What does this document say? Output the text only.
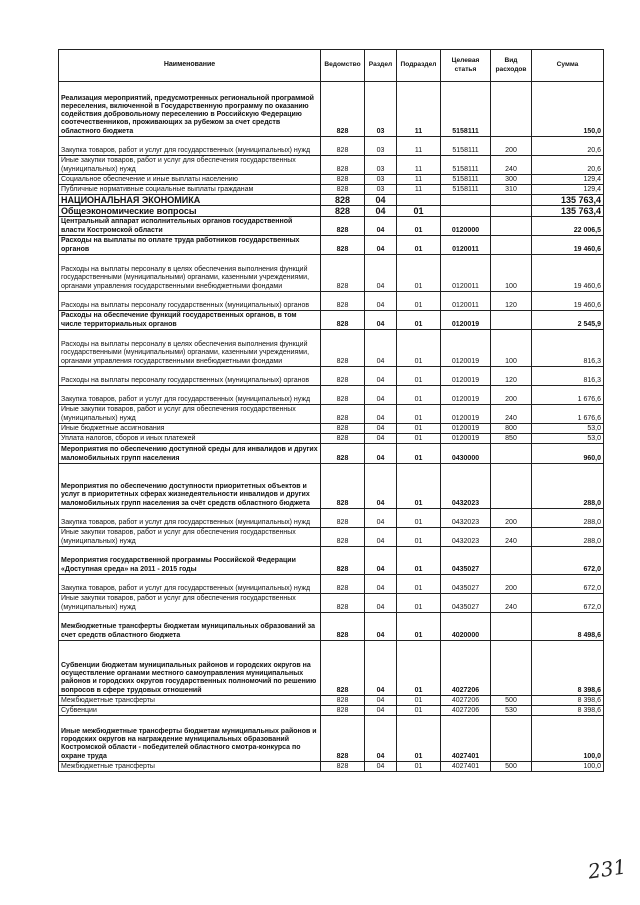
Наименование	Ведомство	Раздел	Подраздел	Целевая статья	Вид расходов	Сумма
Реализация мероприятий, предусмотренных региональной программой переселения, включенной в Государственную программу по оказанию содействия добровольному переселению в Российскую Федерацию соотечественников, проживающих за рубежом за счет средств областного бюджета	828	03	11	5158111		150,0
Закупка товаров, работ и услуг для государственных (муниципальных) нужд	828	03	11	5158111	200	20,6
Иные закупки товаров, работ и услуг для обеспечения государственных (муниципальных) нужд	828	03	11	5158111	240	20,6
Социальное обеспечение и иные выплаты населению	828	03	11	5158111	300	129,4
Публичные нормативные социальные выплаты гражданам	828	03	11	5158111	310	129,4
НАЦИОНАЛЬНАЯ ЭКОНОМИКА	828	04				135 763,4
Общеэкономические вопросы	828	04	01			135 763,4
Центральный аппарат исполнительных органов государственной власти Костромской области	828	04	01	0120000		22 006,5
Расходы на выплаты по оплате труда работников государственных органов	828	04	01	0120011		19 460,6
Расходы на выплаты персоналу в целях обеспечения выполнения функций государственными (муниципальными) органами, казенными учреждениями, органами управления государственными внебюджетными фондами	828	04	01	0120011	100	19 460,6
Расходы на выплаты персоналу государственных (муниципальных) органов	828	04	01	0120011	120	19 460,6
Расходы на обеспечение функций государственных органов, в том числе территориальных органов	828	04	01	0120019		2 545,9
Расходы на выплаты персоналу в целях обеспечения выполнения функций государственными (муниципальными) органами, казенными учреждениями, органами управления государственными внебюджетными фондами	828	04	01	0120019	100	816,3
Расходы на выплаты персоналу государственных (муниципальных) органов	828	04	01	0120019	120	816,3
Закупка товаров, работ и услуг для государственных (муниципальных) нужд	828	04	01	0120019	200	1 676,6
Иные закупки товаров, работ и услуг для обеспечения государственных (муниципальных) нужд	828	04	01	0120019	240	1 676,6
Иные бюджетные ассигнования	828	04	01	0120019	800	53,0
Уплата налогов, сборов и иных платежей	828	04	01	0120019	850	53,0
Мероприятия по обеспечению доступной среды для инвалидов и других маломобильных групп населения	828	04	01	0430000		960,0
Мероприятия по обеспечению доступности приоритетных объектов и услуг в приоритетных сферах жизнедеятельности инвалидов и других маломобильных групп населения за счёт средств областного бюджета	828	04	01	0432023		288,0
Закупка товаров, работ и услуг для государственных (муниципальных) нужд	828	04	01	0432023	200	288,0
Иные закупки товаров, работ и услуг для обеспечения государственных (муниципальных) нужд	828	04	01	0432023	240	288,0
Мероприятия государственной программы Российской Федерации «Доступная среда» на 2011 - 2015 годы	828	04	01	0435027		672,0
Закупка товаров, работ и услуг для государственных (муниципальных) нужд	828	04	01	0435027	200	672,0
Иные закупки товаров, работ и услуг для обеспечения государственных (муниципальных) нужд	828	04	01	0435027	240	672,0
Межбюджетные трансферты бюджетам муниципальных образований за счет средств областного бюджета	828	04	01	4020000		8 498,6
Субвенции бюджетам муниципальных районов и городских округов на осуществление органами местного самоуправления муниципальных районов и городских округов государственных полномочий по решению вопросов в сфере трудовых отношений	828	04	01	4027206		8 398,6
Межбюджетные трансферты	828	04	01	4027206	500	8 398,6
Субвенции	828	04	01	4027206	530	8 398,6
Иные межбюджетные трансферты бюджетам муниципальных районов и городских округов на награждение муниципальных образований Костромской области - победителей областного смотра-конкурса по охране труда	828	04	01	4027401		100,0
Межбюджетные трансферты	828	04	01	4027401	500	100,0
231
